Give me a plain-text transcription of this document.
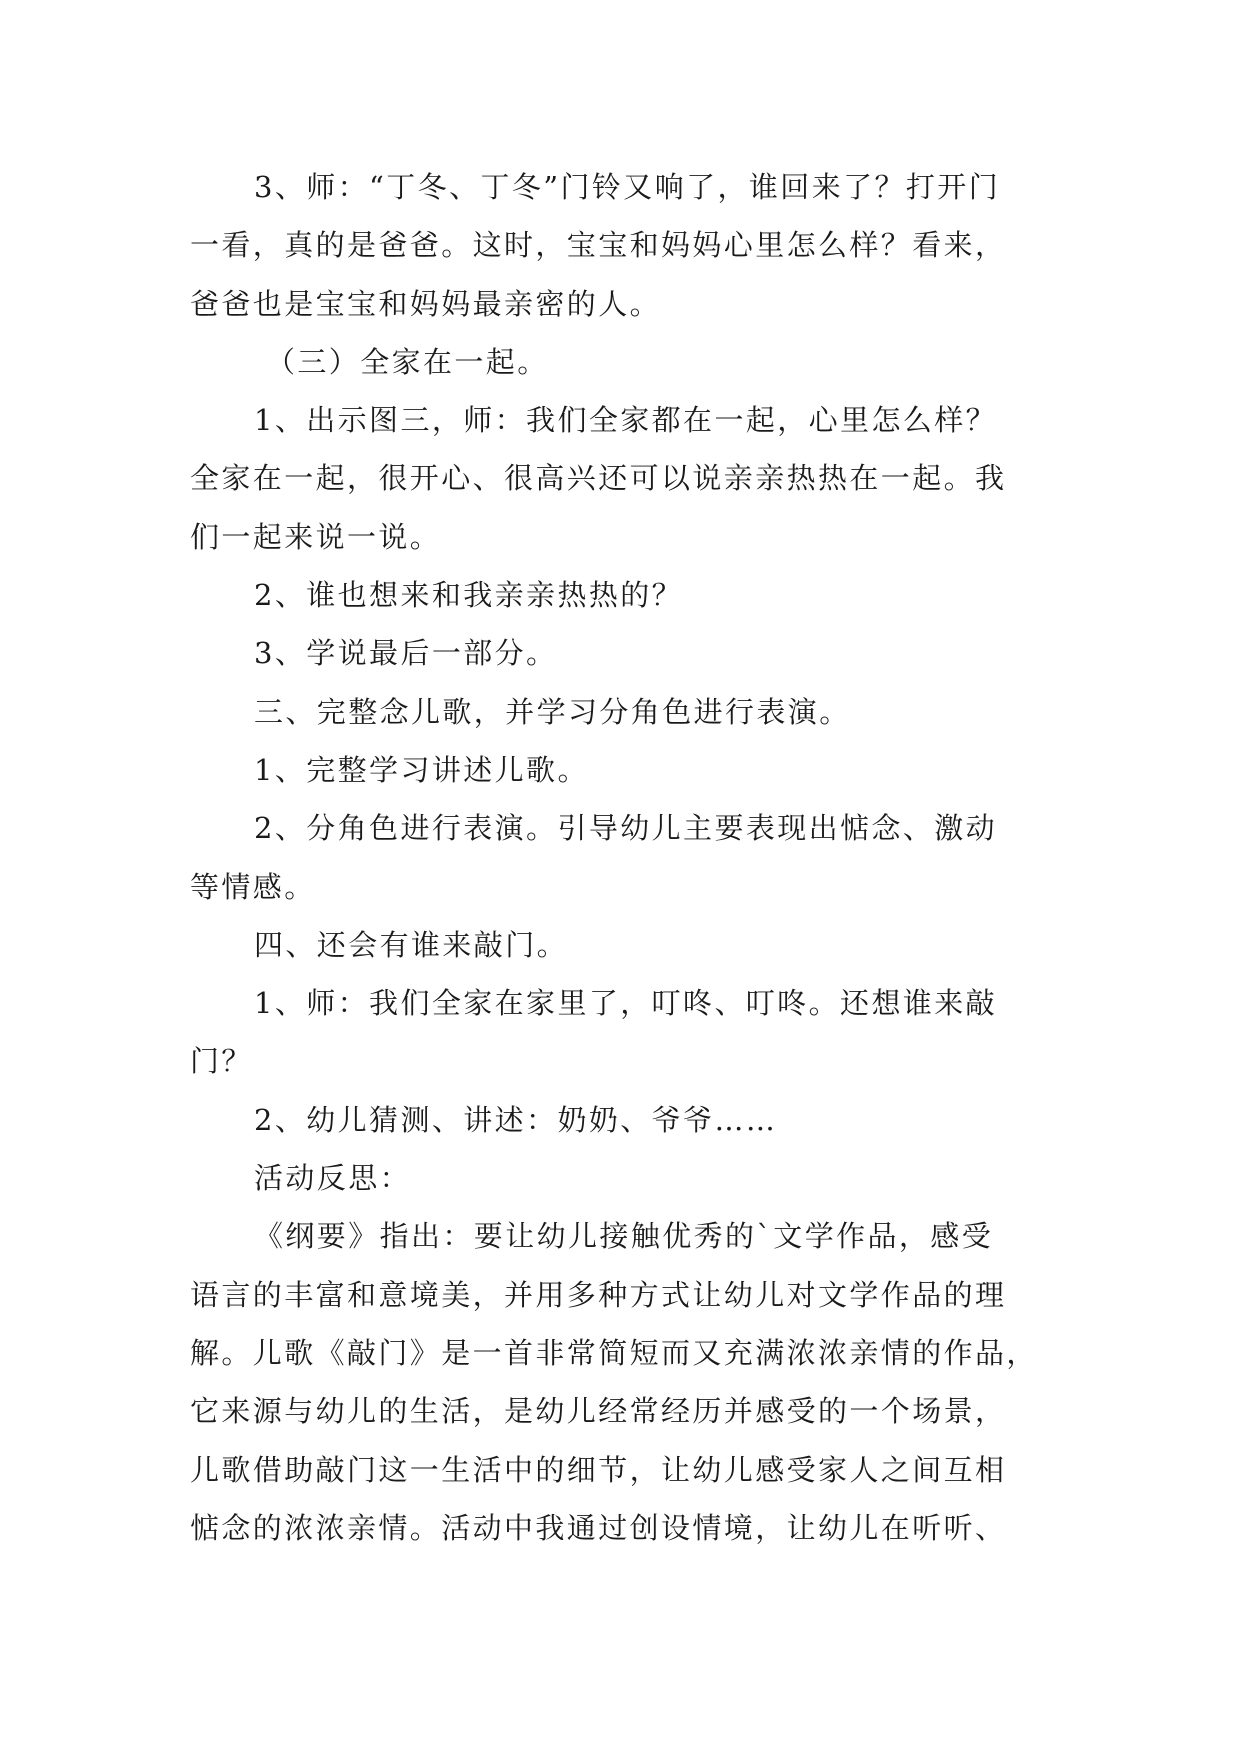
3、师：“丁冬、丁冬”门铃又响了，谁回来了？打开门
一看，真的是爸爸。这时，宝宝和妈妈心里怎么样？看来，
爸爸也是宝宝和妈妈最亲密的人。

（三）全家在一起。

1、出示图三，师：我们全家都在一起，心里怎么样？
全家在一起，很开心、很高兴还可以说亲亲热热在一起。我
们一起来说一说。

2、谁也想来和我亲亲热热的？

3、学说最后一部分。

三、完整念儿歌，并学习分角色进行表演。

1、完整学习讲述儿歌。

2、分角色进行表演。引导幼儿主要表现出惦念、激动
等情感。

四、还会有谁来敲门。

1、师：我们全家在家里了，叮咚、叮咚。还想谁来敲
门？

2、幼儿猜测、讲述：奶奶、爷爷……

活动反思：

《纲要》指出：要让幼儿接触优秀的`文学作品，感受
语言的丰富和意境美，并用多种方式让幼儿对文学作品的理
解。儿歌《敲门》是一首非常简短而又充满浓浓亲情的作品，
它来源与幼儿的生活，是幼儿经常经历并感受的一个场景，
儿歌借助敲门这一生活中的细节，让幼儿感受家人之间互相
惦念的浓浓亲情。活动中我通过创设情境，让幼儿在听听、
